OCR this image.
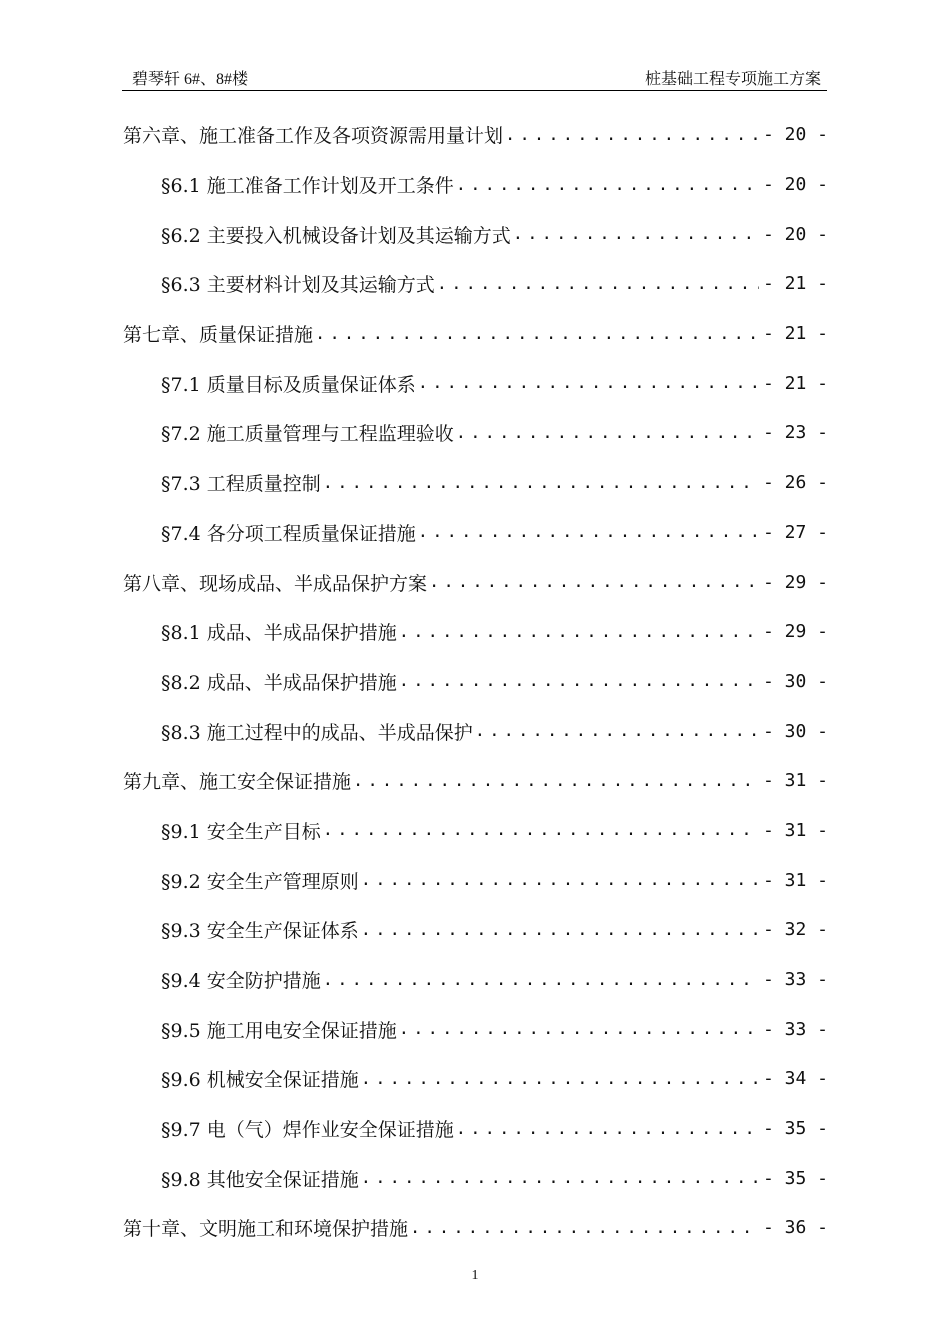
碧琴轩 6#、8#楼	桩基础工程专项施工方案
第六章、施工准备工作及各项资源需用量计划 .....	- 20 -
§6.1 施工准备工作计划及开工条件 .....	- 20 -
§6.2 主要投入机械设备计划及其运输方式 .....	- 20 -
§6.3 主要材料计划及其运输方式 .....	- 21 -
第七章、质量保证措施 .....	- 21 -
§7.1 质量目标及质量保证体系 .....	- 21 -
§7.2 施工质量管理与工程监理验收 .....	- 23 -
§7.3 工程质量控制 .....	- 26 -
§7.4 各分项工程质量保证措施 .....	- 27 -
第八章、现场成品、半成品保护方案 .....	- 29 -
§8.1 成品、半成品保护措施 .....	- 29 -
§8.2 成品、半成品保护措施 .....	- 30 -
§8.3 施工过程中的成品、半成品保护 .....	- 30 -
第九章、施工安全保证措施 .....	- 31 -
§9.1 安全生产目标 .....	- 31 -
§9.2 安全生产管理原则 .....	- 31 -
§9.3 安全生产保证体系 .....	- 32 -
§9.4 安全防护措施 .....	- 33 -
§9.5 施工用电安全保证措施 .....	- 33 -
§9.6 机械安全保证措施 .....	- 34 -
§9.7 电（气）焊作业安全保证措施 .....	- 35 -
§9.8 其他安全保证措施 .....	- 35 -
第十章、文明施工和环境保护措施 .....	- 36 -
1
